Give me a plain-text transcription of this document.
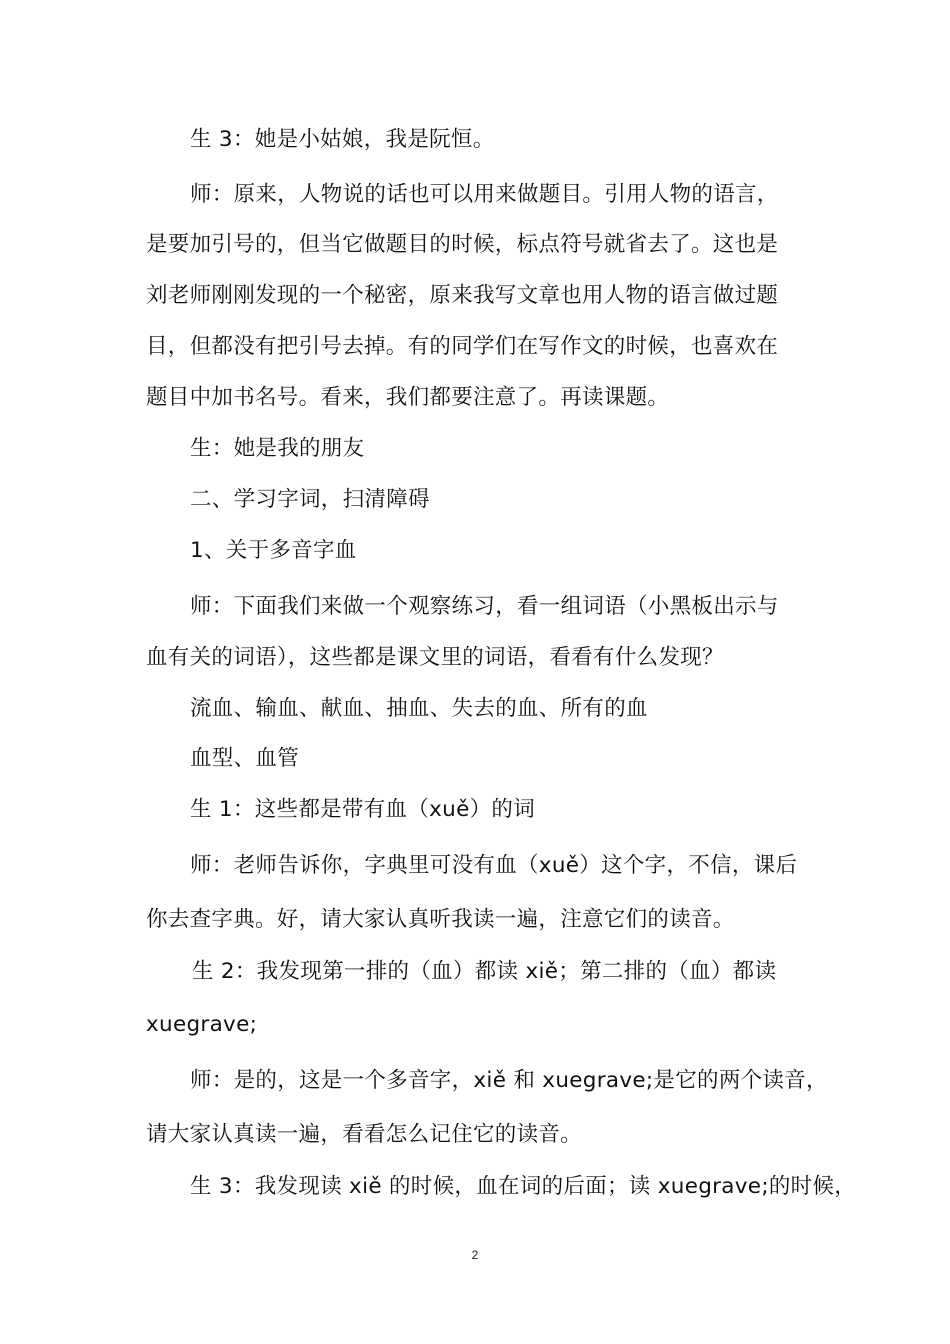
生 3：她是小姑娘，我是阮恒。
师：原来，人物说的话也可以用来做题目。引用人物的语言，
是要加引号的，但当它做题目的时候，标点符号就省去了。这也是
刘老师刚刚发现的一个秘密，原来我写文章也用人物的语言做过题
目，但都没有把引号去掉。有的同学们在写作文的时候，也喜欢在
题目中加书名号。看来，我们都要注意了。再读课题。
生：她是我的朋友
二、学习字词，扫清障碍
1、关于多音字血
师：下面我们来做一个观察练习，看一组词语（小黑板出示与
血有关的词语），这些都是课文里的词语，看看有什么发现？
流血、输血、献血、抽血、失去的血、所有的血
血型、血管
生 1：这些都是带有血（xuě）的词
师：老师告诉你，字典里可没有血（xuě）这个字，不信，课后
你去查字典。好，请大家认真听我读一遍，注意它们的读音。
生 2：我发现第一排的（血）都读 xiě；第二排的（血）都读
xuegrave;
师：是的，这是一个多音字，xiě 和 xuegrave;是它的两个读音，
请大家认真读一遍，看看怎么记住它的读音。
生 3：我发现读 xiě 的时候，血在词的后面；读 xuegrave;的时候，
2
